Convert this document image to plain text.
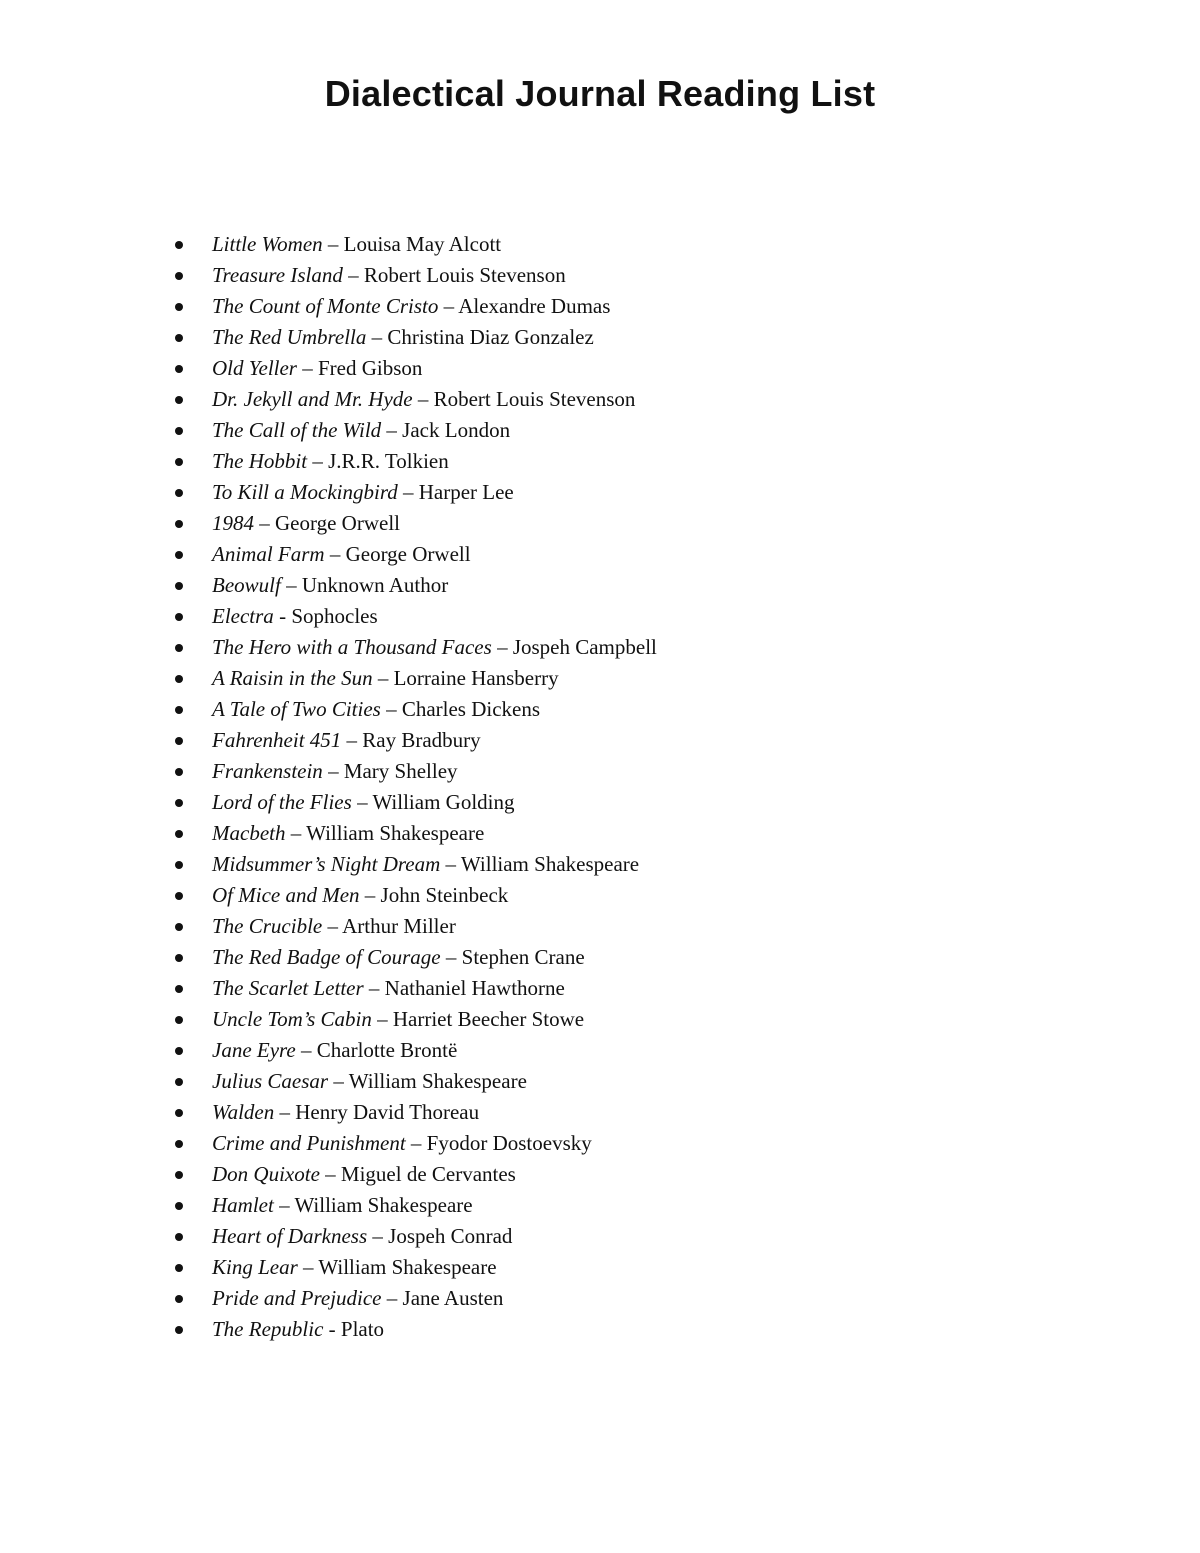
Dialectical Journal Reading List
Little Women – Louisa May Alcott
Treasure Island – Robert Louis Stevenson
The Count of Monte Cristo – Alexandre Dumas
The Red Umbrella – Christina Diaz Gonzalez
Old Yeller – Fred Gibson
Dr. Jekyll and Mr. Hyde – Robert Louis Stevenson
The Call of the Wild – Jack London
The Hobbit – J.R.R. Tolkien
To Kill a Mockingbird – Harper Lee
1984 – George Orwell
Animal Farm – George Orwell
Beowulf – Unknown Author
Electra - Sophocles
The Hero with a Thousand Faces – Jospeh Campbell
A Raisin in the Sun – Lorraine Hansberry
A Tale of Two Cities – Charles Dickens
Fahrenheit 451 – Ray Bradbury
Frankenstein – Mary Shelley
Lord of the Flies – William Golding
Macbeth – William Shakespeare
Midsummer’s Night Dream – William Shakespeare
Of Mice and Men – John Steinbeck
The Crucible – Arthur Miller
The Red Badge of Courage – Stephen Crane
The Scarlet Letter – Nathaniel Hawthorne
Uncle Tom’s Cabin – Harriet Beecher Stowe
Jane Eyre – Charlotte Brontë
Julius Caesar – William Shakespeare
Walden – Henry David Thoreau
Crime and Punishment – Fyodor Dostoevsky
Don Quixote – Miguel de Cervantes
Hamlet – William Shakespeare
Heart of Darkness – Jospeh Conrad
King Lear – William Shakespeare
Pride and Prejudice – Jane Austen
The Republic - Plato
